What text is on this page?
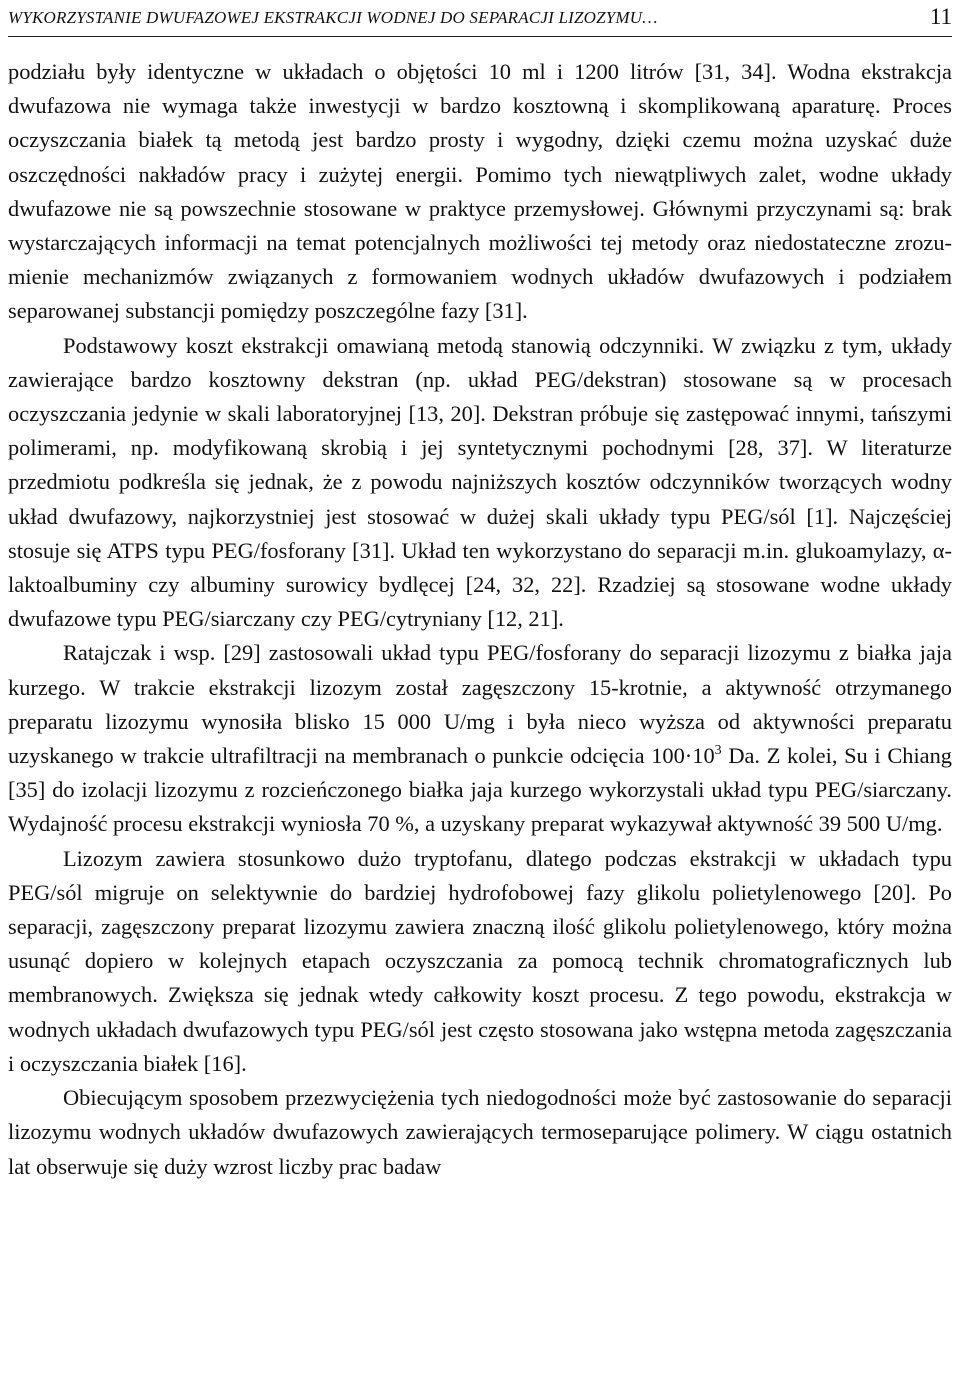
WYKORZYSTANIE DWUFAZOWEJ EKSTRAKCJI WODNEJ DO SEPARACJI LIZOZYMU…	11

podziału były identyczne w układach o objętości 10 ml i 1200 litrów [31, 34]. Wodna ekstrakcja dwufazowa nie wymaga także inwestycji w bardzo kosztowną i skomplikowaną aparaturę. Proces oczyszczania białek tą metodą jest bardzo prosty i wygodny, dzięki czemu można uzyskać duże oszczędności nakładów pracy i zużytej energii. Pomimo tych niewątpliwych zalet, wodne układy dwufazowe nie są powszechnie stosowane w praktyce przemysłowej. Głównymi przyczynami są: brak wystarczających informacji na temat potencjalnych możliwości tej metody oraz niedostateczne zrozumienie mechanizmów związanych z formowaniem wodnych układów dwufazowych i podziałem separowanej substancji pomiędzy poszczególne fazy [31].

Podstawowy koszt ekstrakcji omawianą metodą stanowią odczynniki. W związku z tym, układy zawierające bardzo kosztowny dekstran (np. układ PEG/dekstran) stosowane są w procesach oczyszczania jedynie w skali laboratoryjnej [13, 20]. Dekstran próbuje się zastępować innymi, tańszymi polimerami, np. modyfikowaną skrobią i jej syntetycznymi pochodnymi [28, 37]. W literaturze przedmiotu podkreśla się jednak, że z powodu najniższych kosztów odczynników tworzących wodny układ dwufazowy, najkorzystniej jest stosować w dużej skali układy typu PEG/sól [1]. Najczęściej stosuje się ATPS typu PEG/fosforany [31]. Układ ten wykorzystano do separacji m.in. glukoamylazy, α-laktoalbuminy czy albuminy surowicy bydlęcej [24, 32, 22]. Rzadziej są stosowane wodne układy dwufazowe typu PEG/siarczany czy PEG/cytryniany [12, 21].

Ratajczak i wsp. [29] zastosowali układ typu PEG/fosforany do separacji lizozymu z białka jaja kurzego. W trakcie ekstrakcji lizozym został zagęszczony 15-krotnie, a aktywność otrzymanego preparatu lizozymu wynosiła blisko 15 000 U/mg i była nieco wyższa od aktywności preparatu uzyskanego w trakcie ultrafiltracji na membranach o punkcie odcięcia $100\cdot 10^3$ Da. Z kolei, Su i Chiang [35] do izolacji lizozymu z rozcieńczonego białka jaja kurzego wykorzystali układ typu PEG/siarczany. Wydajność procesu ekstrakcji wyniosła 70 %, a uzyskany preparat wykazywał aktywność 39 500 U/mg.

Lizozym zawiera stosunkowo dużo tryptofanu, dlatego podczas ekstrakcji w układach typu PEG/sól migruje on selektywnie do bardziej hydrofobowej fazy glikolu polietylenowego [20]. Po separacji, zagęszczony preparat lizozymu zawiera znaczną ilość glikolu polietylenowego, który można usunąć dopiero w kolejnych etapach oczyszczania za pomocą technik chromatograficznych lub membranowych. Zwiększa się jednak wtedy całkowity koszt procesu. Z tego powodu, ekstrakcja w wodnych układach dwufazowych typu PEG/sól jest często stosowana jako wstępna metoda zagęszczania i oczyszczania białek [16].

Obiecującym sposobem przezwyciężenia tych niedogodności może być zastosowanie do separacji lizozymu wodnych układów dwufazowych zawierających termoseparujące polimery. W ciągu ostatnich lat obserwuje się duży wzrost liczby prac badaw
